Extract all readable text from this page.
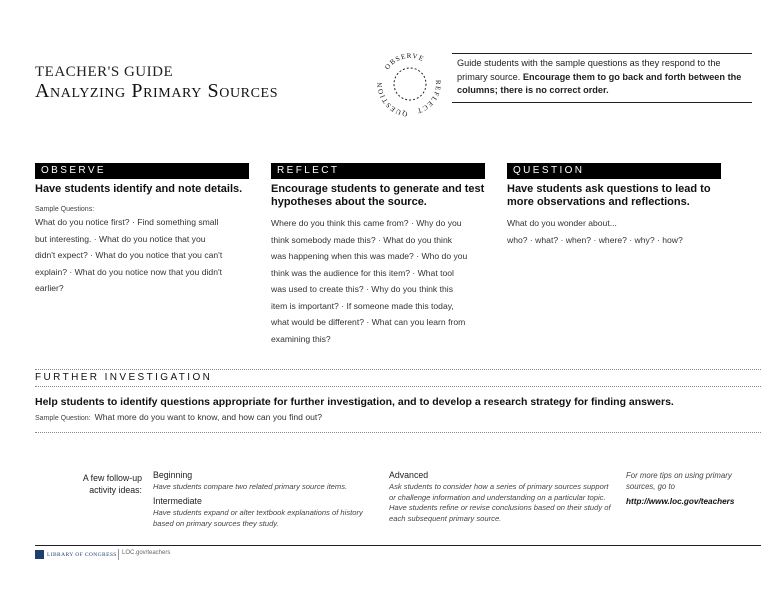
TEACHER'S GUIDE
Analyzing Primary Sources
OBSERVE
REFLECT
QUESTION
Guide students with the sample questions as they respond to the primary source. Encourage them to go back and forth between the columns; there is no correct order.
OBSERVE
Have students identify and note details.
Sample Questions:
What do you notice first? · Find something small
but interesting. · What do you notice that you
didn't expect? · What do you notice that you can't
explain? · What do you notice now that you didn't
earlier?
REFLECT
Encourage students to generate and test hypotheses about the source.
Where do you think this came from? · Why do you
think somebody made this? · What do you think
was happening when this was made? · Who do you
think was the audience for this item? · What tool
was used to create this? · Why do you think this
item is important? · If someone made this today,
what would be different? · What can you learn from
examining this?
QUESTION
Have students ask questions to lead to more observations and reflections.
What do you wonder about...
who? · what? · when? · where? · why? · how?
FURTHER INVESTIGATION
Help students to identify questions appropriate for further investigation, and to develop a research strategy for finding answers.
Sample Question: What more do you want to know, and how can you find out?
A few follow-up
activity ideas:
Beginning
Have students compare two related primary source items.
Intermediate
Have students expand or alter textbook explanations of history
based on primary sources they study.
Advanced
Ask students to consider how a series of primary sources support
or challenge information and understanding on a particular topic.
Have students refine or revise conclusions based on their study of
each subsequent primary source.
For more tips on using primary
sources, go to
http://www.loc.gov/teachers
LIBRARY OF CONGRESS LOC.gov/teachers
